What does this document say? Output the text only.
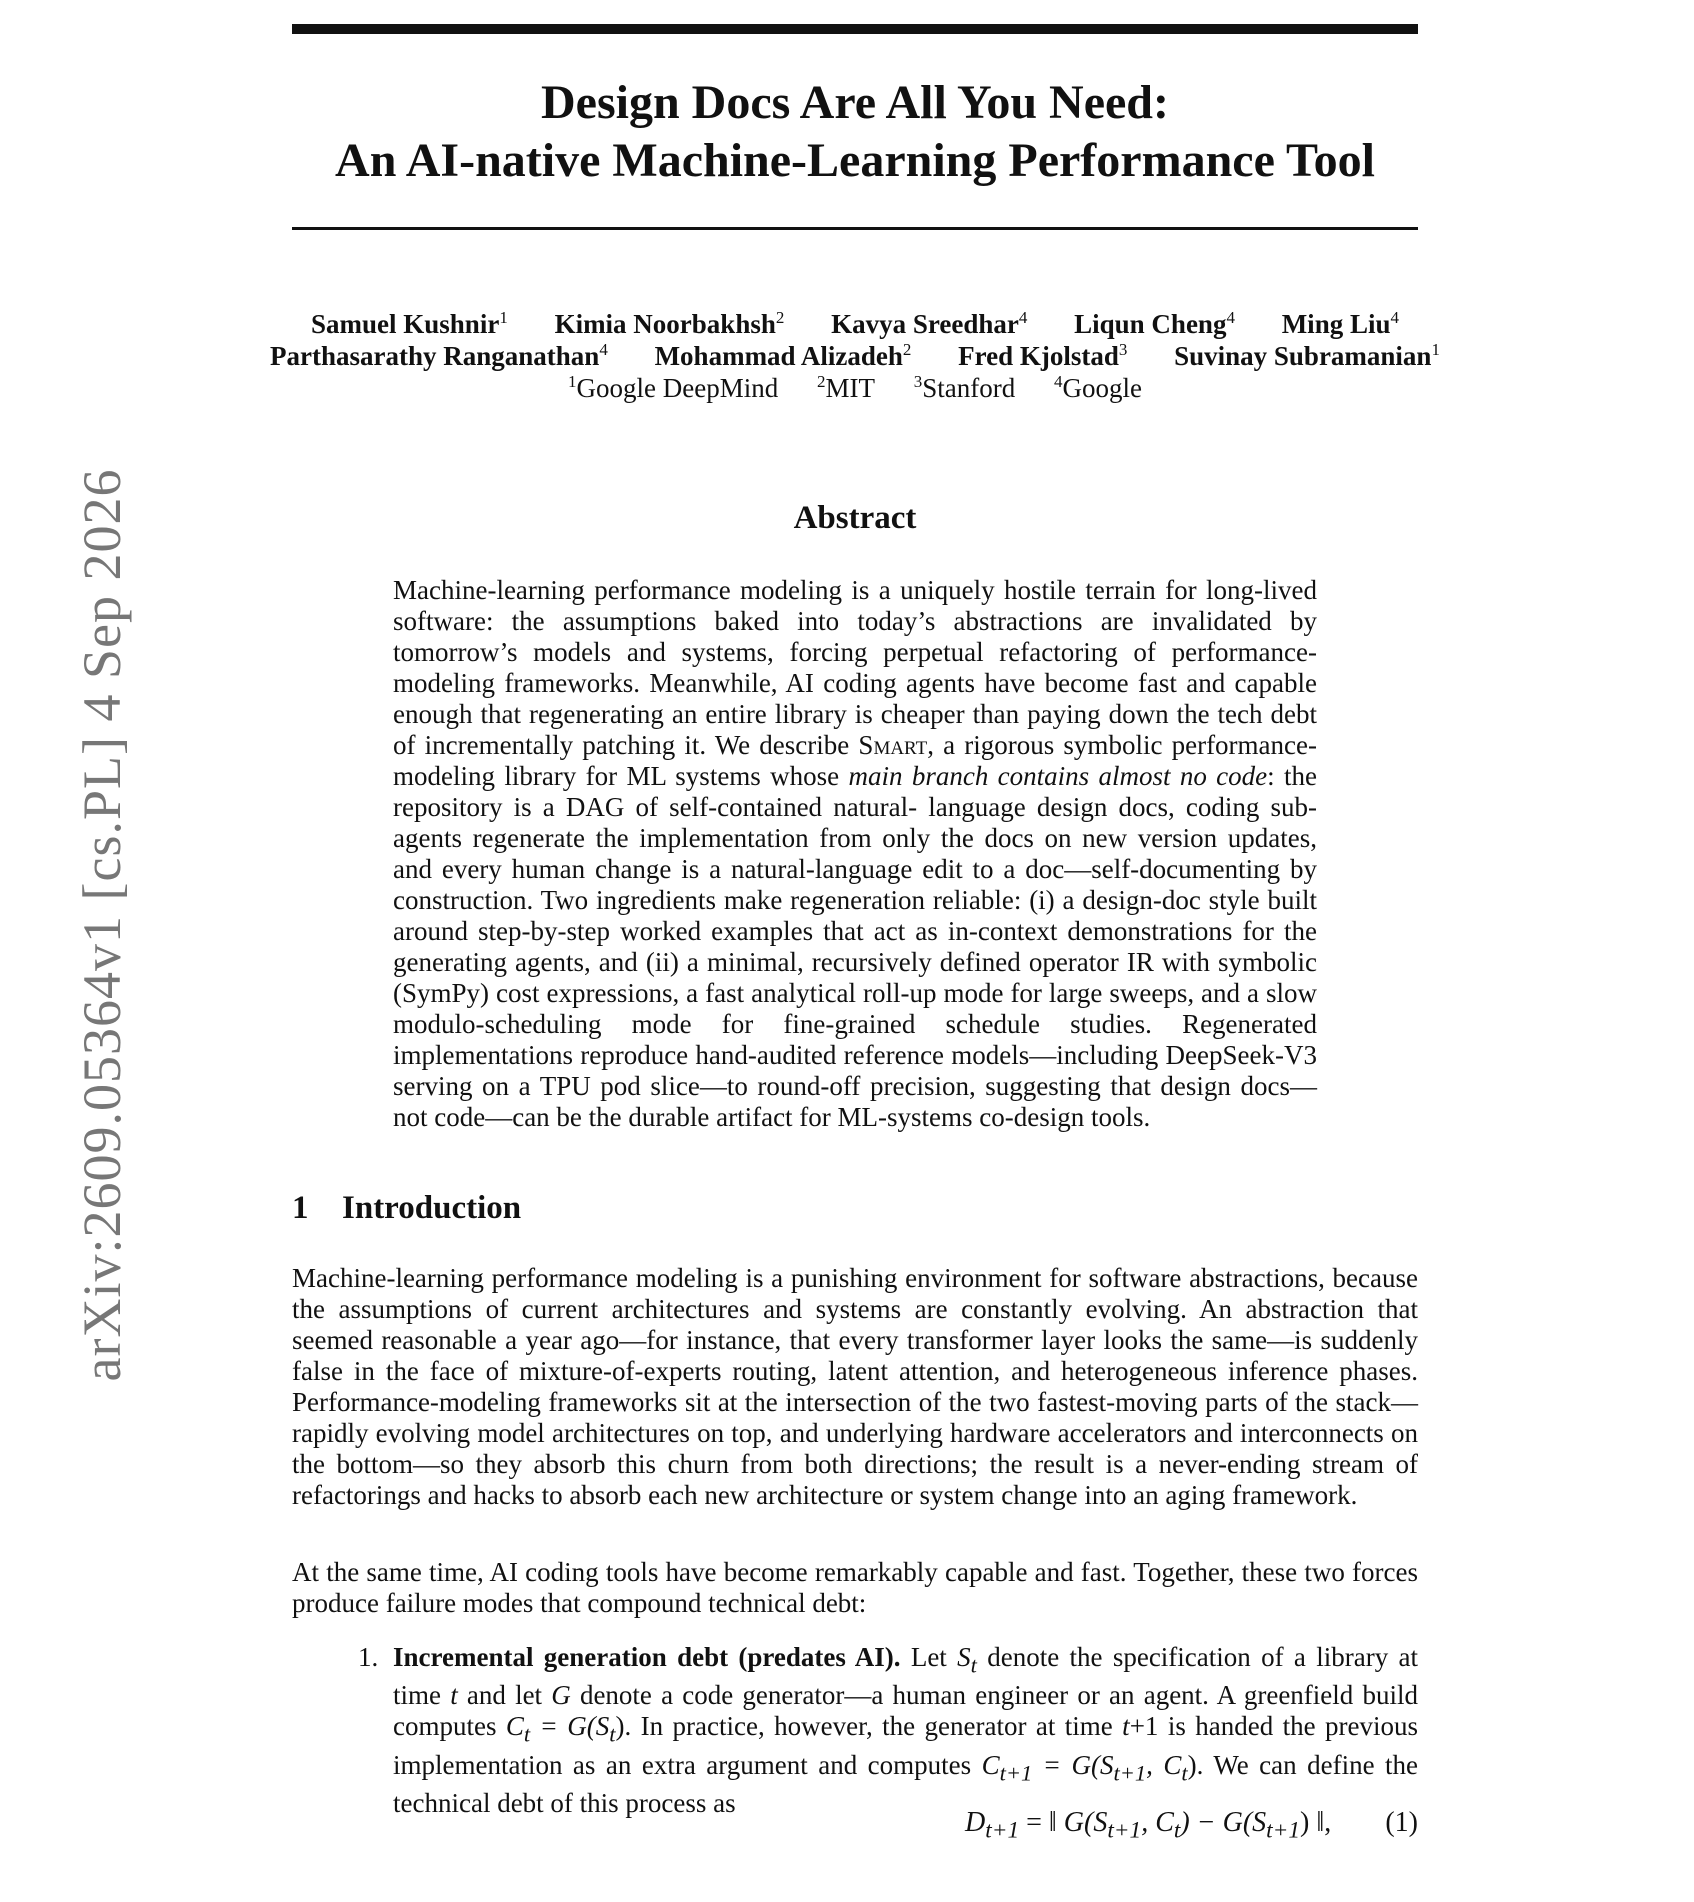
Design Docs Are All You Need:
An AI-native Machine-Learning Performance Tool
arXiv:2609.05364v1 [cs.PL] 4 Sep 2026
Samuel Kushnir$^1$ Kimia Noorbakhsh$^2$ Kavya Sreedhar$^4$ Liqun Cheng$^4$ Ming Liu$^4$
Parthasarathy Ranganathan$^4$ Mohammad Alizadeh$^2$ Fred Kjolstad$^3$ Suvinay Subramanian$^1$
$^1$Google DeepMind $^2$MIT $^3$Stanford $^4$Google
Abstract
Machine-learning performance modeling is a uniquely hostile terrain for long-lived software: the assumptions baked into today’s abstractions are invalidated by tomorrow’s models and systems, forcing perpetual refactoring of performance-modeling frameworks. Meanwhile, AI coding agents have become fast and capable enough that regenerating an entire library is cheaper than paying down the tech debt of incrementally patching it. We describe Smart, a rigorous symbolic performance-modeling library for ML systems whose main branch contains almost no code: the repository is a DAG of self-contained natural- language design docs, coding sub-agents regenerate the implementation from only the docs on new version updates, and every human change is a natural-language edit to a doc—self-documenting by construction. Two ingredients make regeneration reliable: (i) a design-doc style built around step-by-step worked examples that act as in-context demonstrations for the generating agents, and (ii) a minimal, recursively defined operator IR with symbolic (SymPy) cost expressions, a fast analytical roll-up mode for large sweeps, and a slow modulo-scheduling mode for fine-grained schedule studies. Regenerated implementations reproduce hand-audited reference models—including DeepSeek-V3 serving on a TPU pod slice—to round-off precision, suggesting that design docs—not code—can be the durable artifact for ML-systems co-design tools.
1 Introduction

Machine-learning performance modeling is a punishing environment for software abstractions, because the assumptions of current architectures and systems are constantly evolving. An abstraction that seemed reasonable a year ago—for instance, that every transformer layer looks the same—is suddenly false in the face of mixture-of-experts routing, latent attention, and heterogeneous inference phases. Performance-modeling frameworks sit at the intersection of the two fastest-moving parts of the stack—rapidly evolving model architectures on top, and underlying hardware accelerators and interconnects on the bottom—so they absorb this churn from both directions; the result is a never-ending stream of refactorings and hacks to absorb each new architecture or system change into an aging framework.

At the same time, AI coding tools have become remarkably capable and fast. Together, these two forces produce failure modes that compound technical debt:

1. Incremental generation debt (predates AI). Let $S_t$ denote the specification of a library at time t and let G denote a code generator—a human engineer or an agent. A greenfield build computes $C_t = G(S_t)$. In practice, however, the generator at time t+1 is handed the previous implementation as an extra argument and computes $C_{t+1} = G(S_{t+1}$, $C_t$). We can define the technical debt of this process as
$D_{t+1}$ = ‖ $G(S_{t+1}$, $C_t) - G(S_{t+1})$ ‖, (1)
